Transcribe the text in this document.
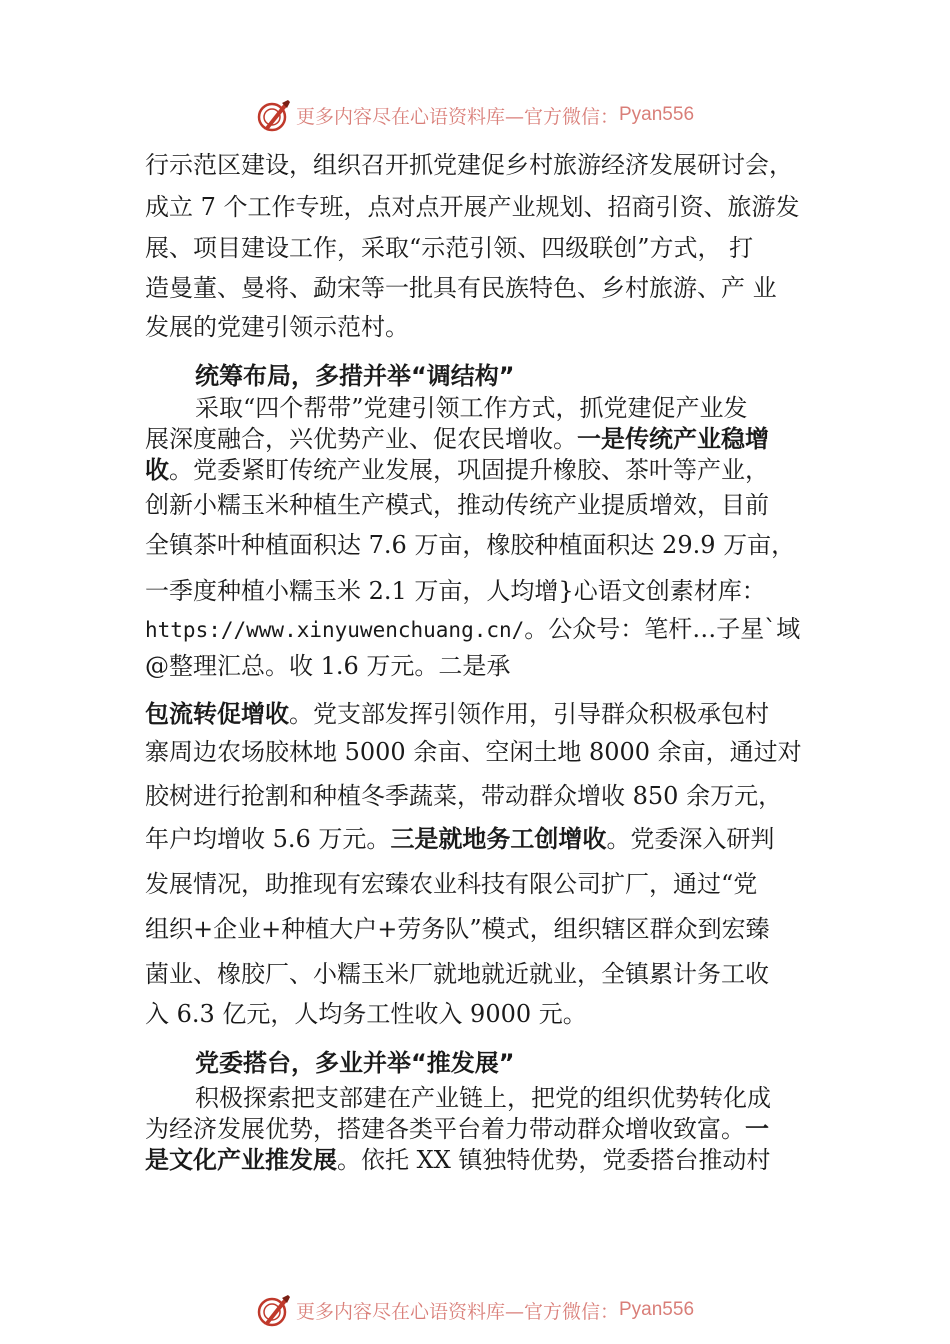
更多内容尽在心语资料库—官方微信： Pyan556
行示范区建设，组织召开抓党建促乡村旅游经济发展研讨会，
成立 7 个工作专班，点对点开展产业规划、招商引资、旅游发
展、项目建设工作，采取“示范引领、四级联创”方式， 打
造曼董、曼将、勐宋等一批具有民族特色、乡村旅游、产 业
发展的党建引领示范村。
统筹布局，多措并举“调结构”
采取“四个帮带”党建引领工作方式，抓党建促产业发
展深度融合，兴优势产业、促农民增收。一是传统产业稳增
收。党委紧盯传统产业发展，巩固提升橡胶、茶叶等产业，
创新小糯玉米种植生产模式，推动传统产业提质增效，目前
全镇茶叶种植面积达 7.6 万亩，橡胶种植面积达 29.9 万亩，
一季度种植小糯玉米 2.1 万亩，人均增}心语文创素材库：
https://www.xinyuwenchuang.cn/。公众号：笔杆…子星`域
@整理汇总。收 1.6 万元。二是承
包流转促增收。党支部发挥引领作用，引导群众积极承包村
寨周边农场胶林地 5000 余亩、空闲土地 8000 余亩，通过对
胶树进行抢割和种植冬季蔬菜，带动群众增收 850 余万元，
年户均增收 5.6 万元。三是就地务工创增收。党委深入研判
发展情况，助推现有宏臻农业科技有限公司扩厂，通过“党
组织+企业+种植大户+劳务队”模式，组织辖区群众到宏臻
菌业、橡胶厂、小糯玉米厂就地就近就业，全镇累计务工收
入 6.3 亿元，人均务工性收入 9000 元。
党委搭台，多业并举“推发展”
积极探索把支部建在产业链上，把党的组织优势转化成
为经济发展优势，搭建各类平台着力带动群众增收致富。一
是文化产业推发展。依托 XX 镇独特优势，党委搭台推动村
更多内容尽在心语资料库—官方微信： Pyan556
